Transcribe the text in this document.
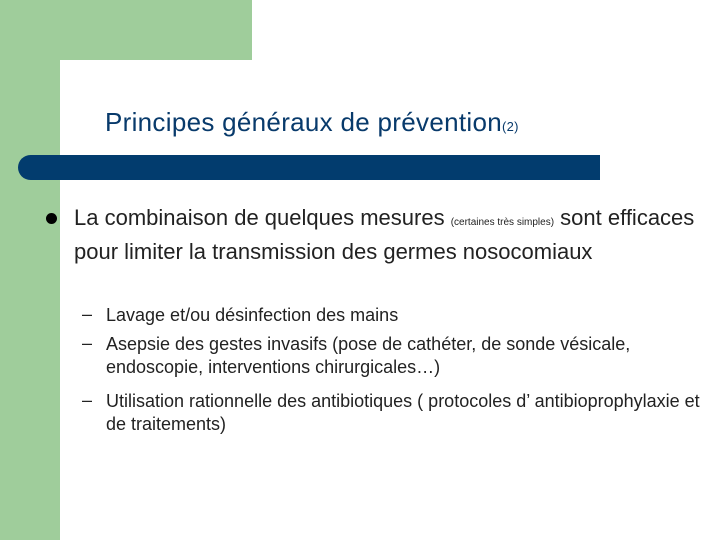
Principes généraux de prévention(2)
La combinaison de quelques mesures (certaines très simples) sont efficaces pour limiter la transmission des germes nosocomiaux
– Lavage et/ou désinfection des mains
– Asepsie des gestes invasifs (pose de cathéter, de sonde vésicale, endoscopie, interventions chirurgicales…)
– Utilisation rationnelle des antibiotiques ( protocoles d’ antibioprophylaxie et de traitements)
